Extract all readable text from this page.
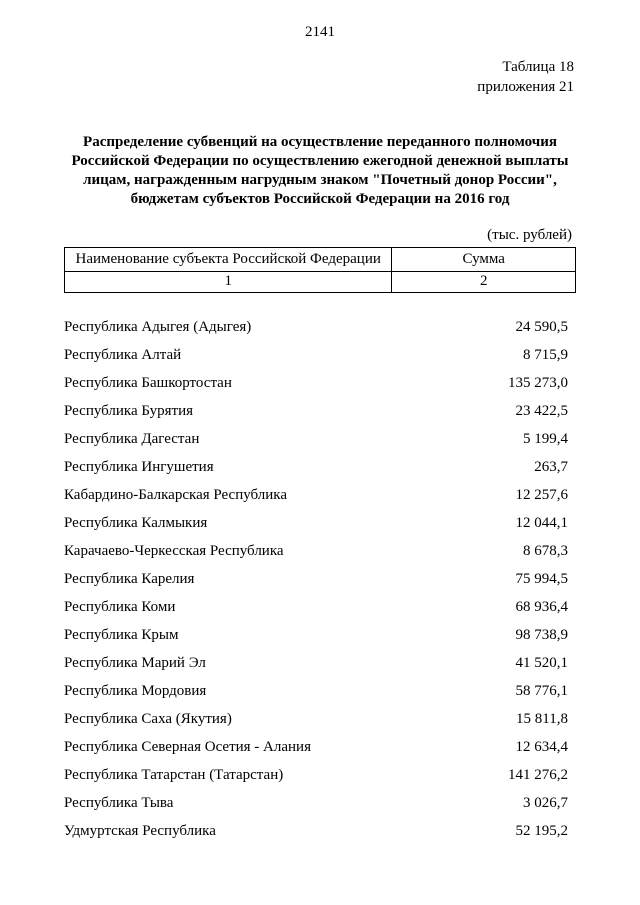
2141
Таблица 18
приложения 21
Распределение субвенций на осуществление переданного полномочия
Российской Федерации по осуществлению ежегодной денежной выплаты
лицам, награжденным нагрудным знаком "Почетный донор России",
бюджетам субъектов Российской Федерации на 2016 год
(тыс. рублей)
Наименование субъекта Российской Федерации	Сумма
1	2
Республика Адыгея (Адыгея)	24 590,5
Республика Алтай	8 715,9
Республика Башкортостан	135 273,0
Республика Бурятия	23 422,5
Республика Дагестан	5 199,4
Республика Ингушетия	263,7
Кабардино-Балкарская Республика	12 257,6
Республика Калмыкия	12 044,1
Карачаево-Черкесская Республика	8 678,3
Республика Карелия	75 994,5
Республика Коми	68 936,4
Республика Крым	98 738,9
Республика Марий Эл	41 520,1
Республика Мордовия	58 776,1
Республика Саха (Якутия)	15 811,8
Республика Северная Осетия - Алания	12 634,4
Республика Татарстан (Татарстан)	141 276,2
Республика Тыва	3 026,7
Удмуртская Республика	52 195,2
